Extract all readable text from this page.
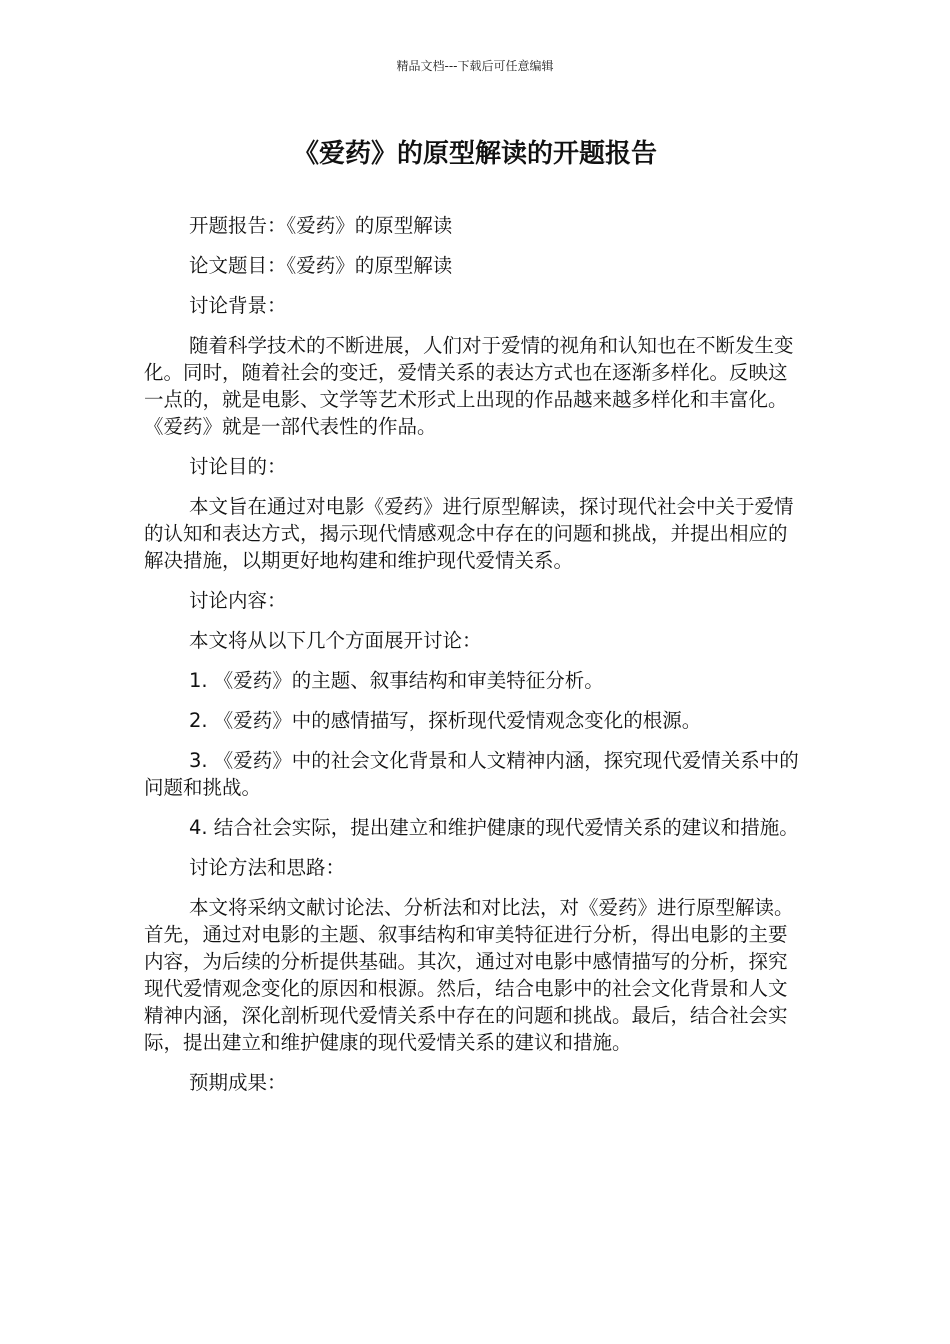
精品文档---下载后可任意编辑
《爱药》的原型解读的开题报告

开题报告：《爱药》的原型解读

论文题目：《爱药》的原型解读

讨论背景：

随着科学技术的不断进展，人们对于爱情的视角和认知也在不断发生变化。同时，随着社会的变迁，爱情关系的表达方式也在逐渐多样化。反映这一点的，就是电影、文学等艺术形式上出现的作品越来越多样化和丰富化。《爱药》就是一部代表性的作品。

讨论目的：

本文旨在通过对电影《爱药》进行原型解读，探讨现代社会中关于爱情的认知和表达方式，揭示现代情感观念中存在的问题和挑战，并提出相应的解决措施，以期更好地构建和维护现代爱情关系。

讨论内容：

本文将从以下几个方面展开讨论：

1. 《爱药》的主题、叙事结构和审美特征分析。

2. 《爱药》中的感情描写，探析现代爱情观念变化的根源。

3. 《爱药》中的社会文化背景和人文精神内涵，探究现代爱情关系中的问题和挑战。

4. 结合社会实际，提出建立和维护健康的现代爱情关系的建议和措施。

讨论方法和思路：

本文将采纳文献讨论法、分析法和对比法，对《爱药》进行原型解读。首先，通过对电影的主题、叙事结构和审美特征进行分析，得出电影的主要内容，为后续的分析提供基础。其次，通过对电影中感情描写的分析，探究现代爱情观念变化的原因和根源。然后，结合电影中的社会文化背景和人文精神内涵，深化剖析现代爱情关系中存在的问题和挑战。最后，结合社会实际，提出建立和维护健康的现代爱情关系的建议和措施。

预期成果：
